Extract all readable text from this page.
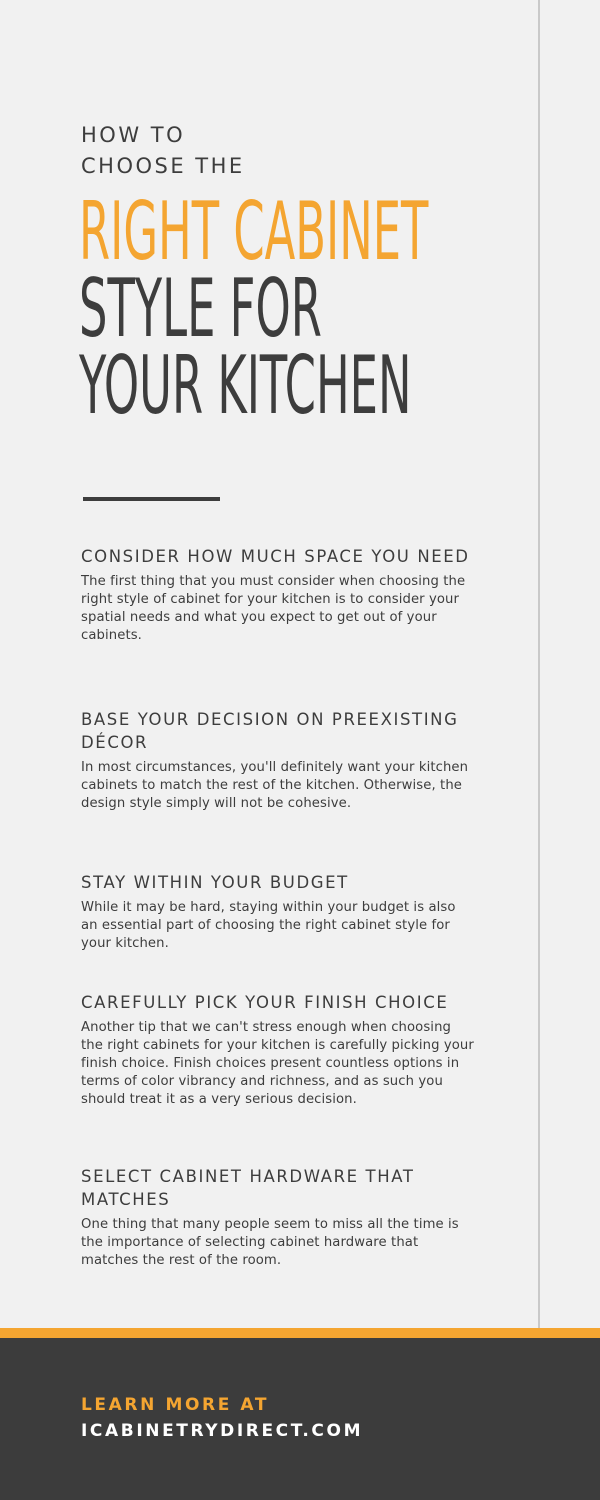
HOW TO
CHOOSE THE
RIGHT CABINET
STYLE FOR
YOUR KITCHEN
CONSIDER HOW MUCH SPACE YOU NEED

The first thing that you must consider when choosing the right style of cabinet for your kitchen is to consider your spatial needs and what you expect to get out of your cabinets.

BASE YOUR DECISION ON PREEXISTING DÉCOR

In most circumstances, you'll definitely want your kitchen cabinets to match the rest of the kitchen. Otherwise, the design style simply will not be cohesive.

STAY WITHIN YOUR BUDGET

While it may be hard, staying within your budget is also an essential part of choosing the right cabinet style for your kitchen.

CAREFULLY PICK YOUR FINISH CHOICE

Another tip that we can't stress enough when choosing the right cabinets for your kitchen is carefully picking your finish choice. Finish choices present countless options in terms of color vibrancy and richness, and as such you should treat it as a very serious decision.

SELECT CABINET HARDWARE THAT MATCHES

One thing that many people seem to miss all the time is the importance of selecting cabinet hardware that matches the rest of the room.

LEARN MORE AT
ICABINETRYDIRECT.COM
